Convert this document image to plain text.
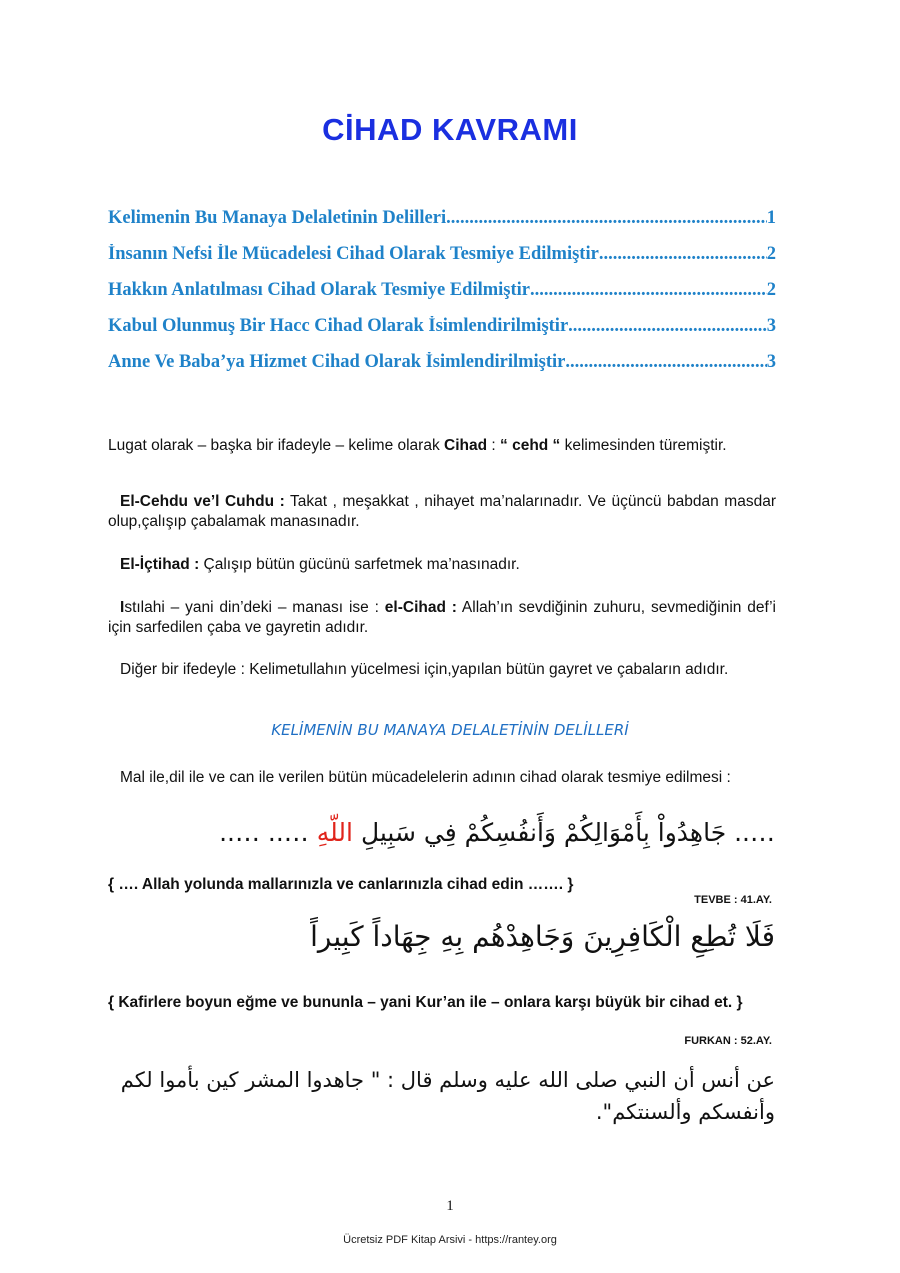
CİHAD KAVRAMI
Kelimenin Bu Manaya Delaletinin Delilleri .....	1
İnsanın Nefsi İle Mücadelesi Cihad Olarak Tesmiye Edilmiştir .....	2
Hakkın Anlatılması Cihad Olarak Tesmiye Edilmiştir .....	2
Kabul Olunmuş Bir Hacc Cihad Olarak İsimlendirilmiştir .....	3
Anne Ve Baba’ya Hizmet Cihad Olarak İsimlendirilmiştir .....	3

Lugat olarak – başka bir ifadeyle – kelime olarak Cihad : “ cehd “ kelimesinden türemiştir.

El-Cehdu ve’l Cuhdu : Takat , meşakkat , nihayet ma’nalarınadır. Ve üçüncü babdan masdar olup,çalışıp çabalamak manasınadır.

El-İçtihad : Çalışıp bütün gücünü sarfetmek ma’nasınadır.

Istılahi – yani din’deki – manası ise : el-Cihad : Allah’ın sevdiğinin zuhuru, sevmediğinin def’i için sarfedilen çaba ve gayretin adıdır.

Diğer bir ifedeyle : Kelimetullahın yücelmesi için,yapılan bütün gayret ve çabaların adıdır.

KELİMENİN BU MANAYA DELALETİNİN DELİLLERİ

Mal ile,dil ile ve can ile verilen bütün mücadelelerin adının cihad olarak tesmiye edilmesi :

….. جَاهِدُواْ بِأَمْوَالِكُمْ وَأَنفُسِكُمْ فِي سَبِيلِ اللّهِ ….. …..

{ …. Allah yolunda mallarınızla ve canlarınızla cihad edin ……. }

TEVBE : 41.AY.

فَلَا تُطِعِ الْكَافِرِينَ وَجَاهِدْهُم بِهِ جِهَاداً كَبِيراً

{ Kafirlere boyun eğme ve bununla – yani Kur’an ile – onlara karşı büyük bir cihad et. }

FURKAN : 52.AY.

عن أنس أن النبي صلى الله عليه وسلم قال : " جاهدوا المشر كين بأموا لكم

وأنفسكم وألسنتكم".

1

Ücretsiz PDF Kitap Arsivi - https://rantey.org
